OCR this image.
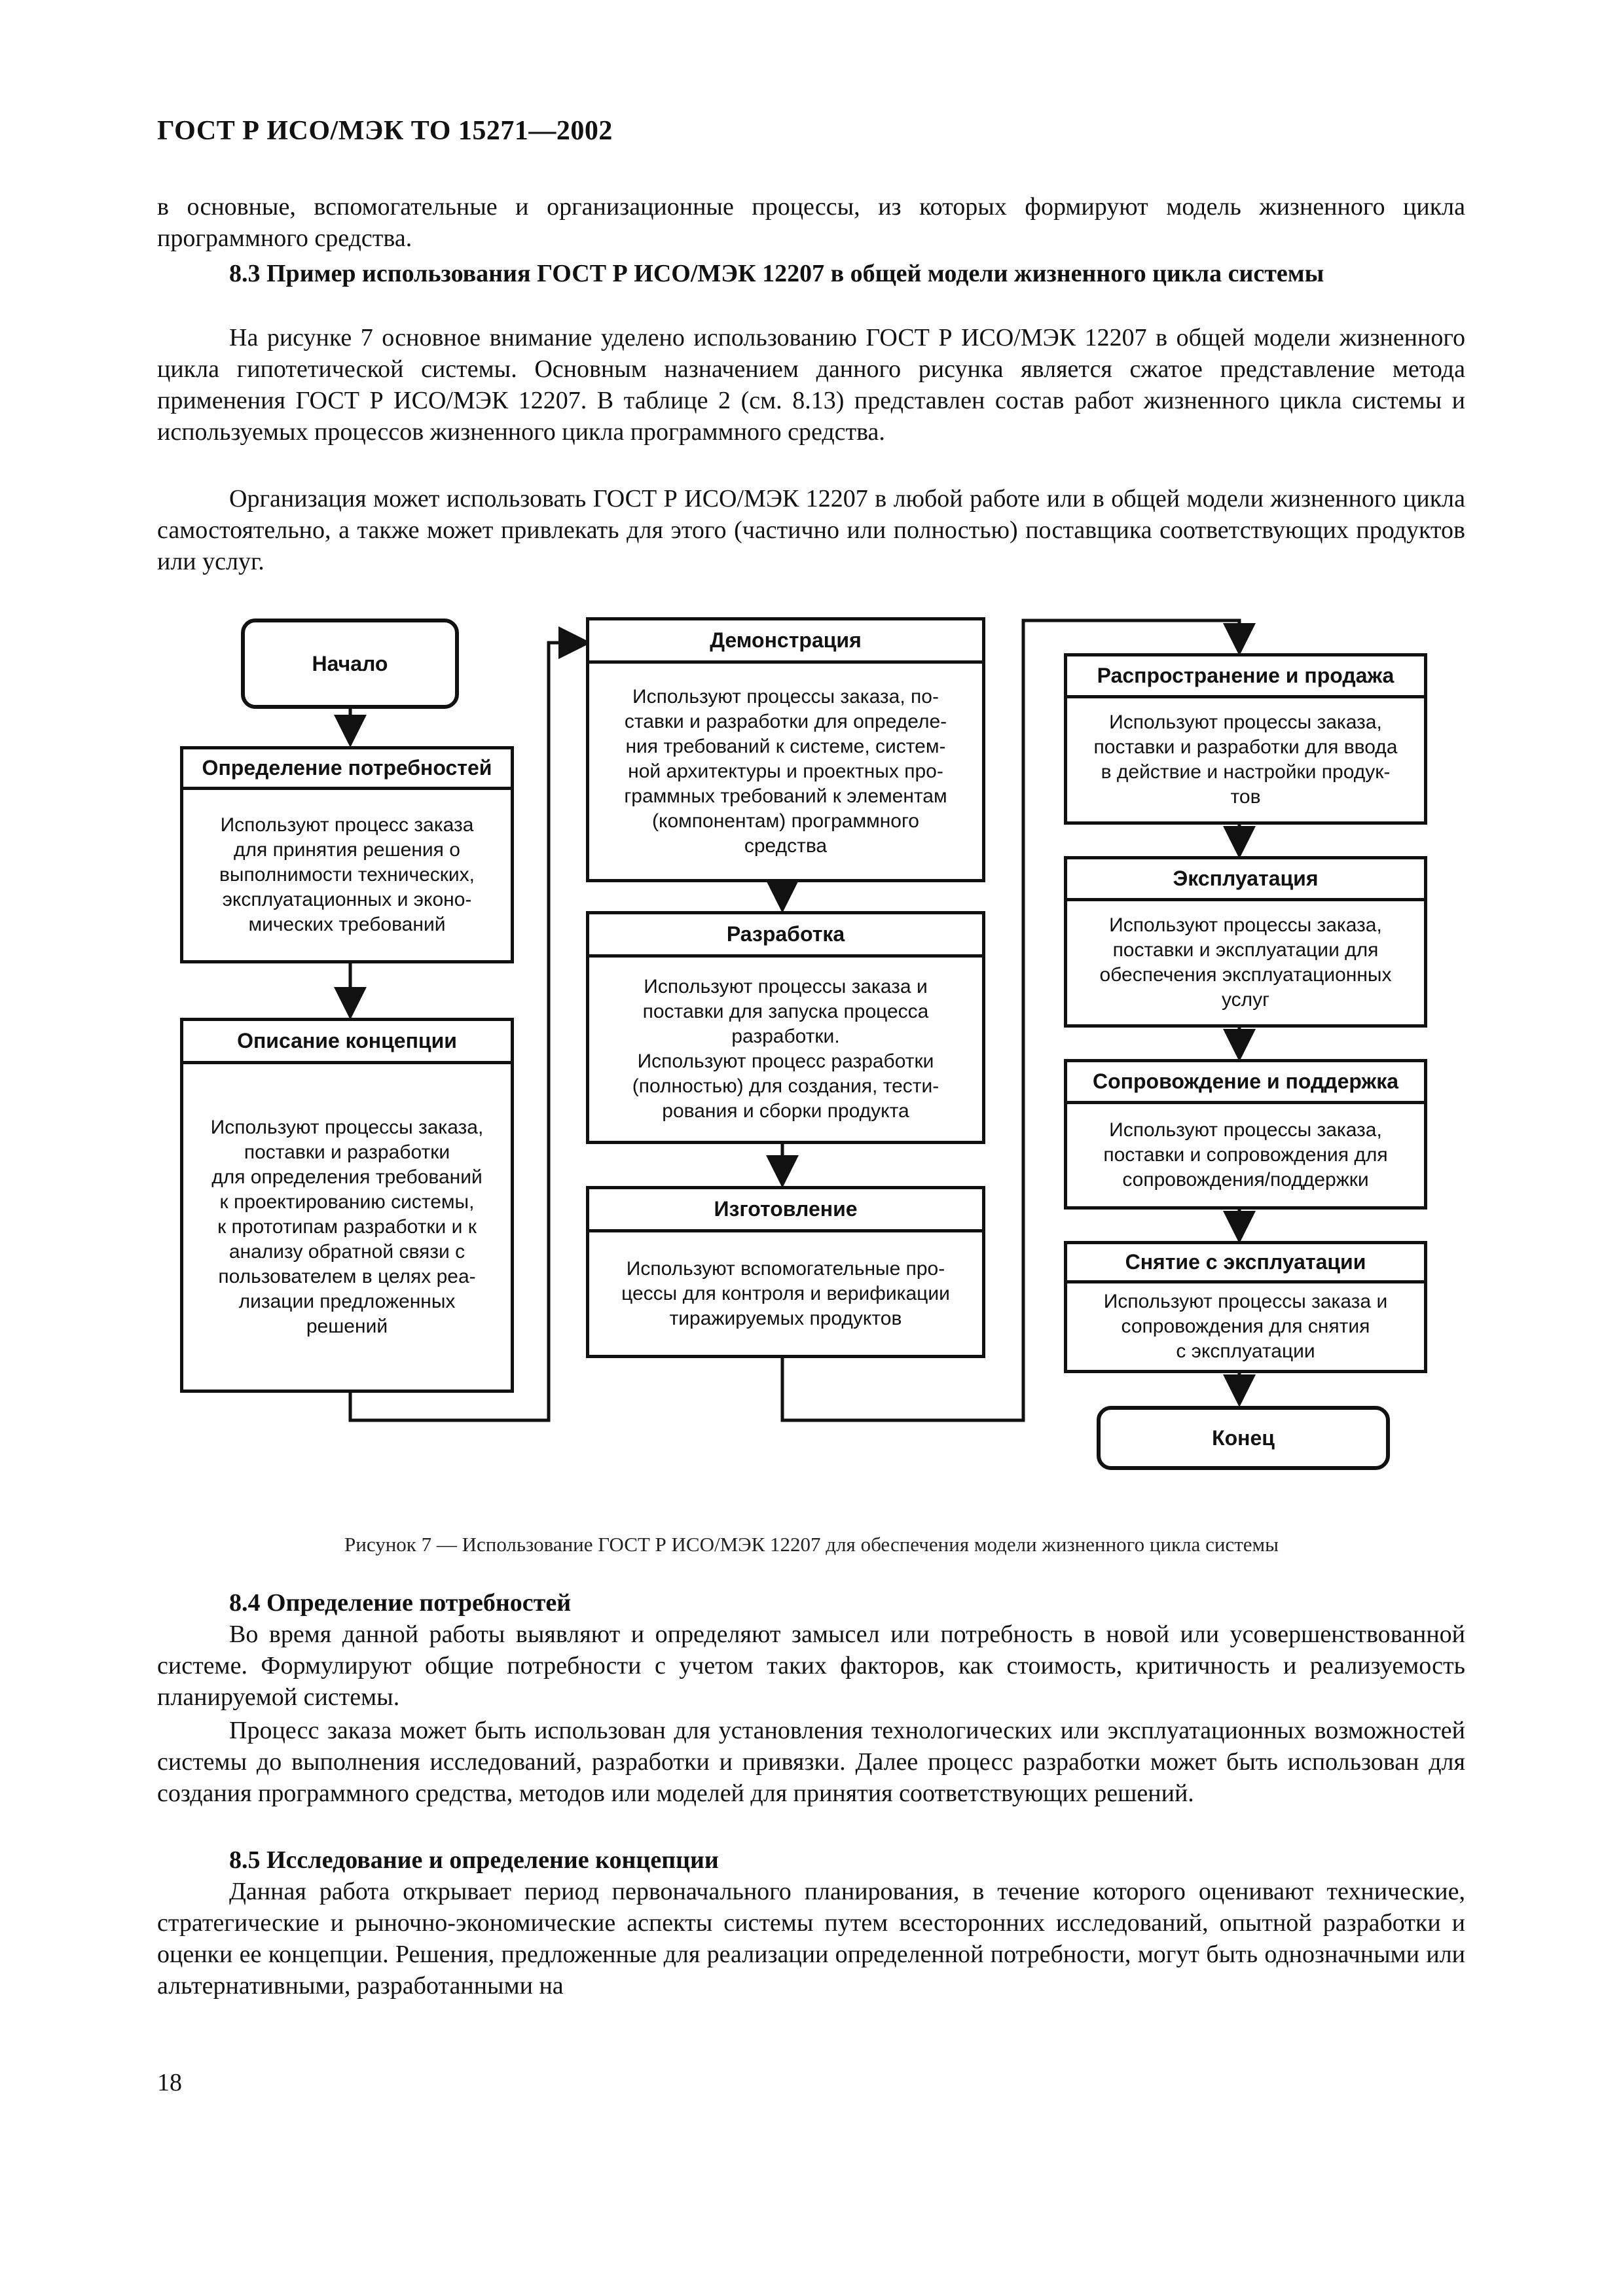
ГОСТ Р ИСО/МЭК ТО 15271—2002

в основные, вспомогательные и организационные процессы, из которых формируют модель жизненного цикла программного средства.

8.3 Пример использования ГОСТ Р ИСО/МЭК 12207 в общей модели жизненного цикла системы

На рисунке 7 основное внимание уделено использованию ГОСТ Р ИСО/МЭК 12207 в общей модели жизненного цикла гипотетической системы. Основным назначением данного рисунка является сжатое представление метода применения ГОСТ Р ИСО/МЭК 12207. В таблице 2 (см. 8.13) представлен состав работ жизненного цикла системы и используемых процессов жизненного цикла программного средства.

Организация может использовать ГОСТ Р ИСО/МЭК 12207 в любой работе или в общей модели жизненного цикла самостоятельно, а также может привлекать для этого (частично или полностью) поставщика соответствующих продуктов или услуг.

Начало
Конец
Определение потребностей
Используют процесс заказа
для принятия решения о
выполнимости технических,
эксплуатационных и эконо-
мических требований
Описание концепции
Используют процессы заказа,
поставки и разработки
для определения требований
к проектированию системы,
к прототипам разработки и к
анализу обратной связи с
пользователем в целях реа-
лизации предложенных
решений
Демонстрация
Используют процессы заказа, по-
ставки и разработки для определе-
ния требований к системе, систем-
ной архитектуры и проектных про-
граммных требований к элементам
(компонентам) программного
средства
Разработка
Используют процессы заказа и
поставки для запуска процесса
разработки.
Используют процесс разработки
(полностью) для создания, тести-
рования и сборки продукта
Изготовление
Используют вспомогательные про-
цессы для контроля и верификации
тиражируемых продуктов
Распространение и продажа
Используют процессы заказа,
поставки и разработки для ввода
в действие и настройки продук-
тов
Эксплуатация
Используют процессы заказа,
поставки и эксплуатации для
обеспечения эксплуатационных
услуг
Сопровождение и поддержка
Используют процессы заказа,
поставки и сопровождения для
сопровождения/поддержки
Снятие с эксплуатации
Используют процессы заказа и
сопровождения для снятия
с эксплуатации
Рисунок 7 — Использование ГОСТ Р ИСО/МЭК 12207 для обеспечения модели жизненного цикла системы

8.4 Определение потребностей

Во время данной работы выявляют и определяют замысел или потребность в новой или усовершенствованной системе. Формулируют общие потребности с учетом таких факторов, как стоимость, критичность и реализуемость планируемой системы.

Процесс заказа может быть использован для установления технологических или эксплуатационных возможностей системы до выполнения исследований, разработки и привязки. Далее процесс разработки может быть использован для создания программного средства, методов или моделей для принятия соответствующих решений.

8.5 Исследование и определение концепции

Данная работа открывает период первоначального планирования, в течение которого оценивают технические, стратегические и рыночно-экономические аспекты системы путем всесторонних исследований, опытной разработки и оценки ее концепции. Решения, предложенные для реализации определенной потребности, могут быть однозначными или альтернативными, разработанными на

18
